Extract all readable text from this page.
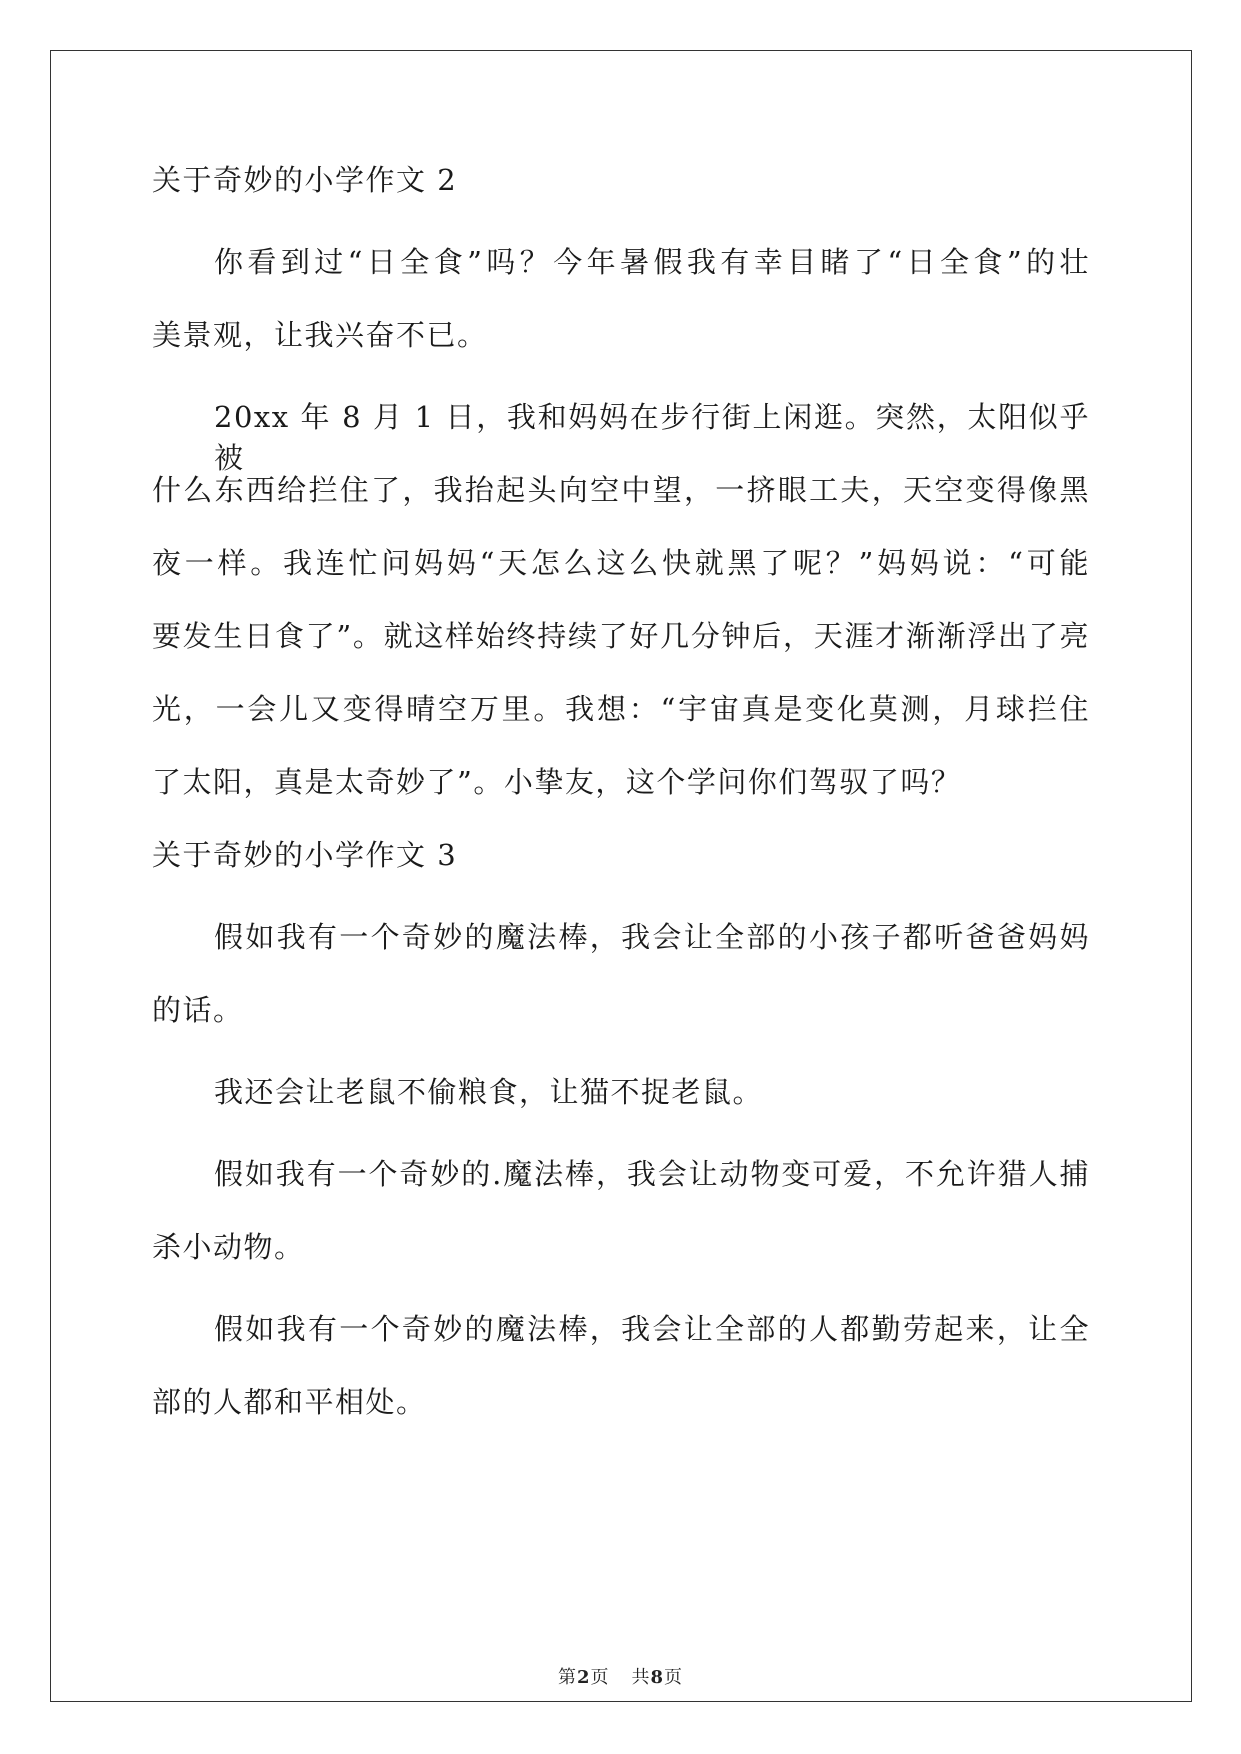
关于奇妙的小学作文 2
你看到过“日全食”吗？今年暑假我有幸目睹了“日全食”的壮
美景观，让我兴奋不已。
20xx 年 8 月 1 日，我和妈妈在步行街上闲逛。突然，太阳似乎被
什么东西给拦住了，我抬起头向空中望，一挤眼工夫，天空变得像黑
夜一样。我连忙问妈妈“天怎么这么快就黑了呢？”妈妈说：“可能
要发生日食了”。就这样始终持续了好几分钟后，天涯才渐渐浮出了亮
光，一会儿又变得晴空万里。我想：“宇宙真是变化莫测，月球拦住
了太阳，真是太奇妙了”。小挚友，这个学问你们驾驭了吗？
关于奇妙的小学作文 3
假如我有一个奇妙的魔法棒，我会让全部的小孩子都听爸爸妈妈
的话。
我还会让老鼠不偷粮食，让猫不捉老鼠。
假如我有一个奇妙的.魔法棒，我会让动物变可爱，不允许猎人捕
杀小动物。
假如我有一个奇妙的魔法棒，我会让全部的人都勤劳起来，让全
部的人都和平相处。
第2页 共8页
